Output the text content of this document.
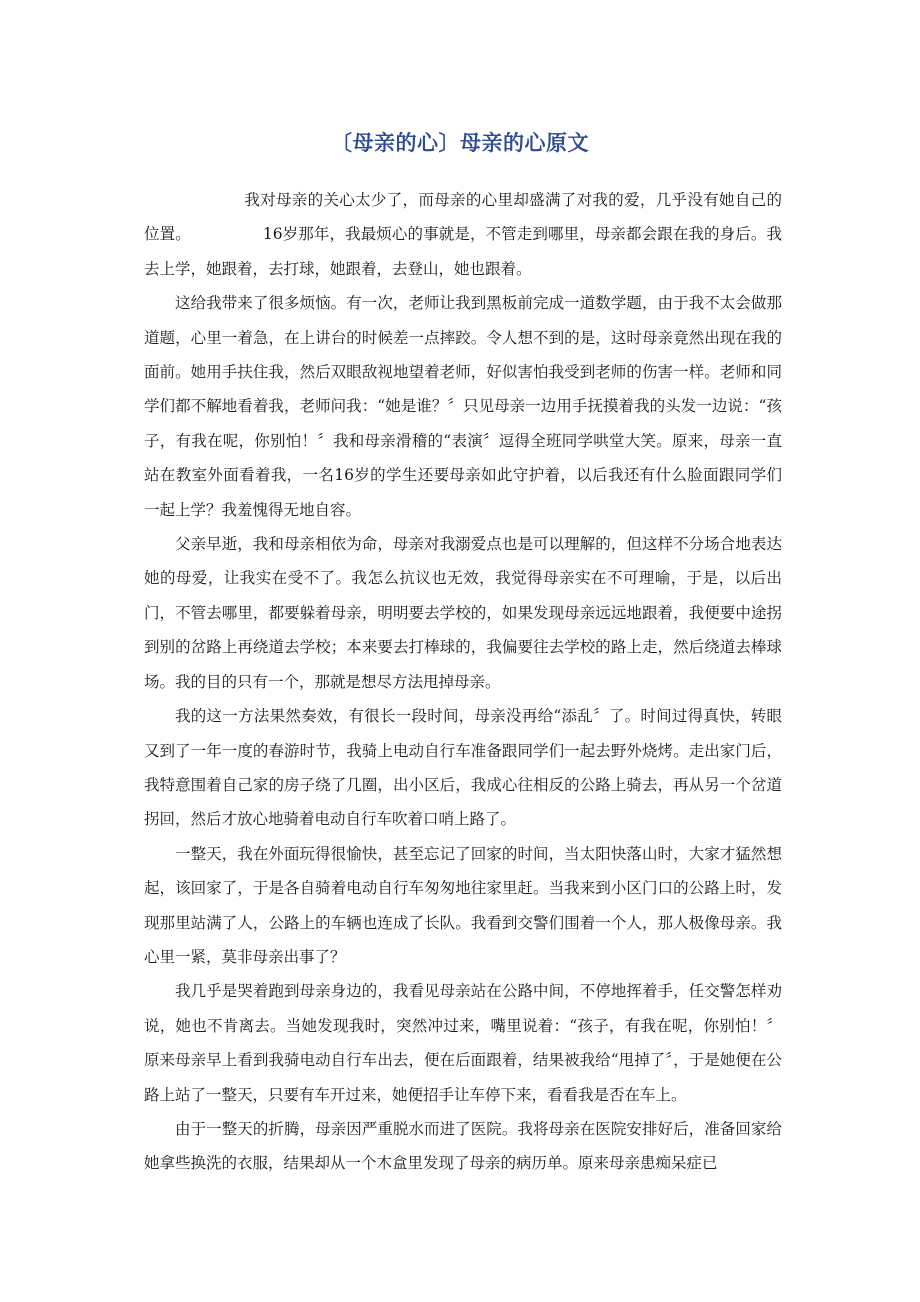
〔母亲的心〕母亲的心原文

我对母亲的关心太少了，而母亲的心里却盛满了对我的爱，几乎没有她自己的位置。	16岁那年，我最烦心的事就是，不管走到哪里，母亲都会跟在我的身后。我去上学，她跟着，去打球，她跟着，去登山，她也跟着。

这给我带来了很多烦恼。有一次，老师让我到黑板前完成一道数学题，由于我不太会做那道题，心里一着急，在上讲台的时候差一点摔跤。令人想不到的是，这时母亲竟然出现在我的面前。她用手扶住我，然后双眼敌视地望着老师，好似害怕我受到老师的伤害一样。老师和同学们都不解地看着我，老师问我：“她是谁？〞只见母亲一边用手抚摸着我的头发一边说：“孩子，有我在呢，你别怕！〞我和母亲滑稽的“表演〞逗得全班同学哄堂大笑。原来，母亲一直站在教室外面看着我，一名16岁的学生还要母亲如此守护着，以后我还有什么脸面跟同学们一起上学？我羞愧得无地自容。

父亲早逝，我和母亲相依为命，母亲对我溺爱点也是可以理解的，但这样不分场合地表达她的母爱，让我实在受不了。我怎么抗议也无效，我觉得母亲实在不可理喻，于是，以后出门，不管去哪里，都要躲着母亲，明明要去学校的，如果发现母亲远远地跟着，我便要中途拐到别的岔路上再绕道去学校；本来要去打棒球的，我偏要往去学校的路上走，然后绕道去棒球场。我的目的只有一个，那就是想尽方法甩掉母亲。

我的这一方法果然奏效，有很长一段时间，母亲没再给“添乱〞了。时间过得真快，转眼又到了一年一度的春游时节，我骑上电动自行车准备跟同学们一起去野外烧烤。走出家门后，我特意围着自己家的房子绕了几圈，出小区后，我成心往相反的公路上骑去，再从另一个岔道拐回，然后才放心地骑着电动自行车吹着口哨上路了。

一整天，我在外面玩得很愉快，甚至忘记了回家的时间，当太阳快落山时，大家才猛然想起，该回家了，于是各自骑着电动自行车匆匆地往家里赶。当我来到小区门口的公路上时，发现那里站满了人，公路上的车辆也连成了长队。我看到交警们围着一个人，那人极像母亲。我心里一紧，莫非母亲出事了？

我几乎是哭着跑到母亲身边的，我看见母亲站在公路中间，不停地挥着手，任交警怎样劝说，她也不肯离去。当她发现我时，突然冲过来，嘴里说着：“孩子，有我在呢，你别怕！〞原来母亲早上看到我骑电动自行车出去，便在后面跟着，结果被我给“甩掉了〞，于是她便在公路上站了一整天，只要有车开过来，她便招手让车停下来，看看我是否在车上。

由于一整天的折腾，母亲因严重脱水而进了医院。我将母亲在医院安排好后，准备回家给她拿些换洗的衣服，结果却从一个木盒里发现了母亲的病历单。原来母亲患痴呆症已
